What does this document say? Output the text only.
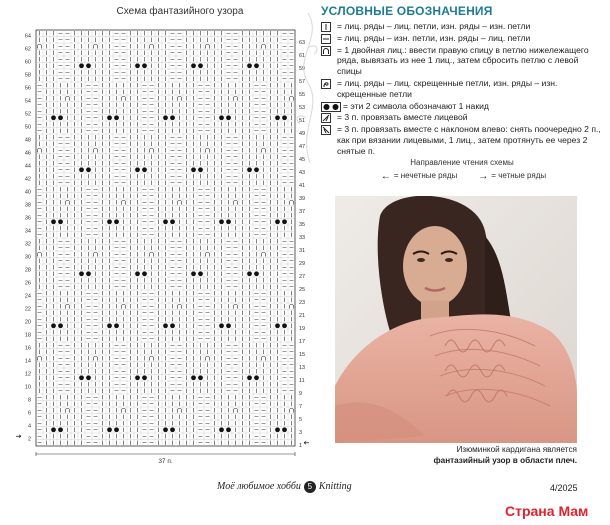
Схема фантазийного узора
64
62
60
58
56
54
52
50
48
46
44
42
40
38
36
34
32
30
28
26
24
22
20
18
16
14
12
10
8
6
4
2
63
61
59
57
55
53
51
49
47
45
43
41
39
37
35
33
31
29
27
25
23
21
19
17
15
13
11
9
7
5
3
1
37 п.
УСЛОВНЫЕ ОБОЗНАЧЕНИЯ
= лиц. ряды – лиц. петли, изн. ряды – изн. петли
= лиц. ряды – изн. петли, изн. ряды – лиц. петли
= 1 двойная лиц.: ввести правую спицу в петлю нижележащего ряда, вывязать из нее 1 лиц., затем сбросить петлю с левой спицы
= лиц. ряды – лиц. скрещенные петли, изн. ряды – изн. скрещенные петли
= эти 2 символа обозначают 1 накид
= 3 п. провязать вместе лицевой
= 3 п. провязать вместе с наклоном влево: снять поочередно 2 п., как при вязании лицевыми, 1 лиц., затем протянуть ее через 2 снятые п.
Направление чтения схемы
← = нечетные ряды	→ = четные ряды
Изюминкой кардигана является
фантазийный узор в области плеч.
Моё любимое хобби 5 Knitting	4/2025
Страна.Мам
